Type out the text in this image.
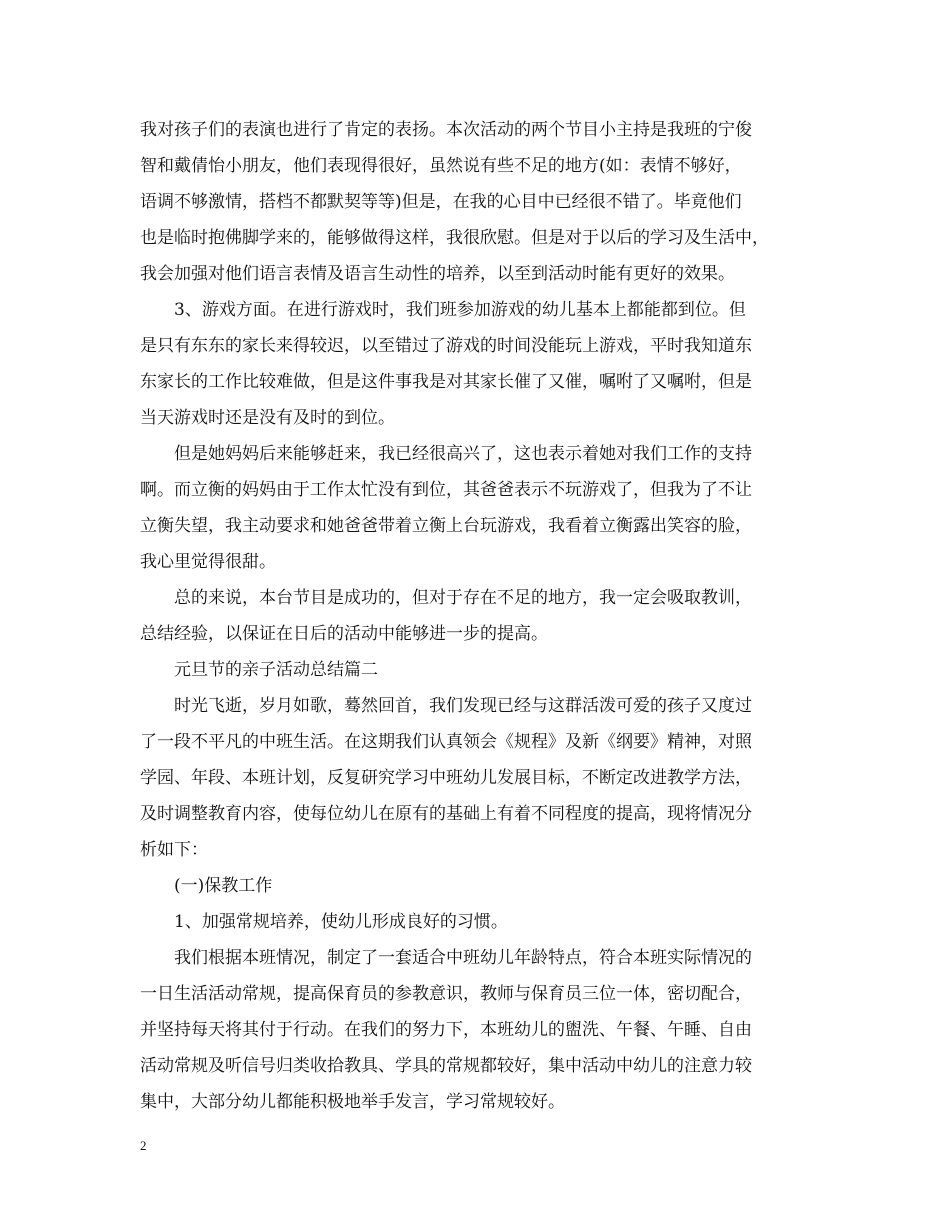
我对孩子们的表演也进行了肯定的表扬。本次活动的两个节目小主持是我班的宁俊
智和戴倩怡小朋友，他们表现得很好，虽然说有些不足的地方(如：表情不够好，
语调不够激情，搭档不都默契等等)但是，在我的心目中已经很不错了。毕竟他们
也是临时抱佛脚学来的，能够做得这样，我很欣慰。但是对于以后的学习及生活中，
我会加强对他们语言表情及语言生动性的培养，以至到活动时能有更好的效果。
3、游戏方面。在进行游戏时，我们班参加游戏的幼儿基本上都能都到位。但
是只有东东的家长来得较迟，以至错过了游戏的时间没能玩上游戏，平时我知道东
东家长的工作比较难做，但是这件事我是对其家长催了又催，嘱咐了又嘱咐，但是
当天游戏时还是没有及时的到位。
但是她妈妈后来能够赶来，我已经很高兴了，这也表示着她对我们工作的支持
啊。而立衡的妈妈由于工作太忙没有到位，其爸爸表示不玩游戏了，但我为了不让
立衡失望，我主动要求和她爸爸带着立衡上台玩游戏，我看着立衡露出笑容的脸，
我心里觉得很甜。
总的来说，本台节目是成功的，但对于存在不足的地方，我一定会吸取教训，
总结经验，以保证在日后的活动中能够进一步的提高。
元旦节的亲子活动总结篇二
时光飞逝，岁月如歌，蓦然回首，我们发现已经与这群活泼可爱的孩子又度过
了一段不平凡的中班生活。在这期我们认真领会《规程》及新《纲要》精神，对照
学园、年段、本班计划，反复研究学习中班幼儿发展目标，不断定改进教学方法，
及时调整教育内容，使每位幼儿在原有的基础上有着不同程度的提高，现将情况分
析如下：
(一)保教工作
1、加强常规培养，使幼儿形成良好的习惯。
我们根据本班情况，制定了一套适合中班幼儿年龄特点，符合本班实际情况的
一日生活活动常规，提高保育员的参教意识，教师与保育员三位一体，密切配合，
并坚持每天将其付于行动。在我们的努力下，本班幼儿的盥洗、午餐、午睡、自由
活动常规及听信号归类收拾教具、学具的常规都较好，集中活动中幼儿的注意力较
集中，大部分幼儿都能积极地举手发言，学习常规较好。
2
